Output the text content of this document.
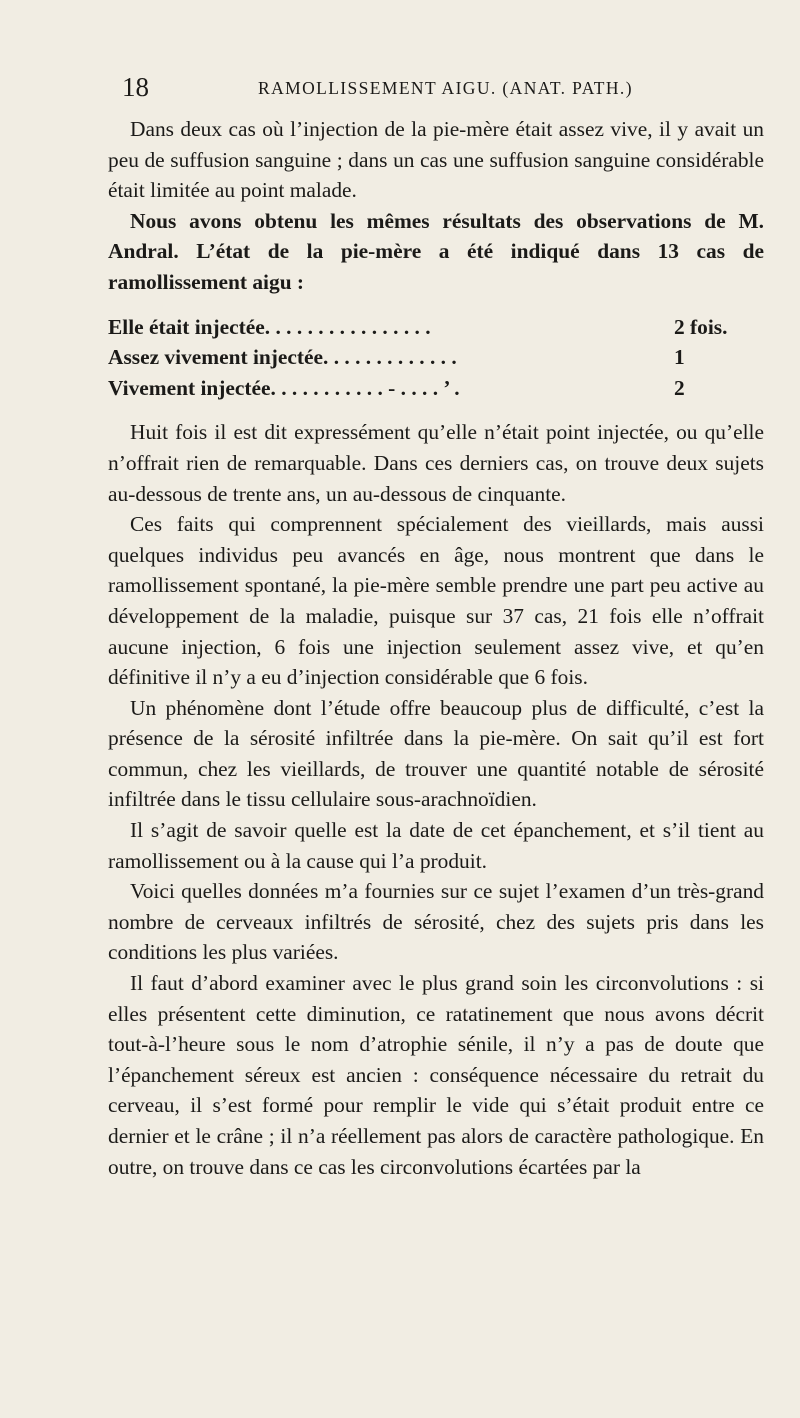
18	RAMOLLISSEMENT AIGU. (ANAT. PATH.)

Dans deux cas où l’injection de la pie-mère était assez vive, il y avait un peu de suffusion sanguine ; dans un cas une suffusion sanguine considérable était limitée au point malade.

Nous avons obtenu les mêmes résultats des observations de M. Andral. L’état de la pie-mère a été indiqué dans 13 cas de ramollissement aigu :

Elle était injectée. . . . . . . . . . . . . . . .	2 fois.
Assez vivement injectée. . . . . . . . . . . . .	1
Vivement injectée. . . . . . . . . . . - . . . . ’ .	2

Huit fois il est dit expressément qu’elle n’était point injectée, ou qu’elle n’offrait rien de remarquable. Dans ces derniers cas, on trouve deux sujets au-dessous de trente ans, un au-dessous de cinquante.

Ces faits qui comprennent spécialement des vieillards, mais aussi quelques individus peu avancés en âge, nous montrent que dans le ramollissement spontané, la pie-mère semble prendre une part peu active au développement de la maladie, puisque sur 37 cas, 21 fois elle n’offrait aucune injection, 6 fois une injection seulement assez vive, et qu’en définitive il n’y a eu d’injection considérable que 6 fois.

Un phénomène dont l’étude offre beaucoup plus de difficulté, c’est la présence de la sérosité infiltrée dans la pie-mère. On sait qu’il est fort commun, chez les vieillards, de trouver une quantité notable de sérosité infiltrée dans le tissu cellulaire sous-arachnoïdien.

Il s’agit de savoir quelle est la date de cet épanchement, et s’il tient au ramollissement ou à la cause qui l’a produit.

Voici quelles données m’a fournies sur ce sujet l’examen d’un très-grand nombre de cerveaux infiltrés de sérosité, chez des sujets pris dans les conditions les plus variées.

Il faut d’abord examiner avec le plus grand soin les circonvolutions : si elles présentent cette diminution, ce ratatinement que nous avons décrit tout-à-l’heure sous le nom d’atrophie sénile, il n’y a pas de doute que l’épanchement séreux est ancien : conséquence nécessaire du retrait du cerveau, il s’est formé pour remplir le vide qui s’était produit entre ce dernier et le crâne ; il n’a réellement pas alors de caractère pathologique. En outre, on trouve dans ce cas les circonvolutions écartées par la
